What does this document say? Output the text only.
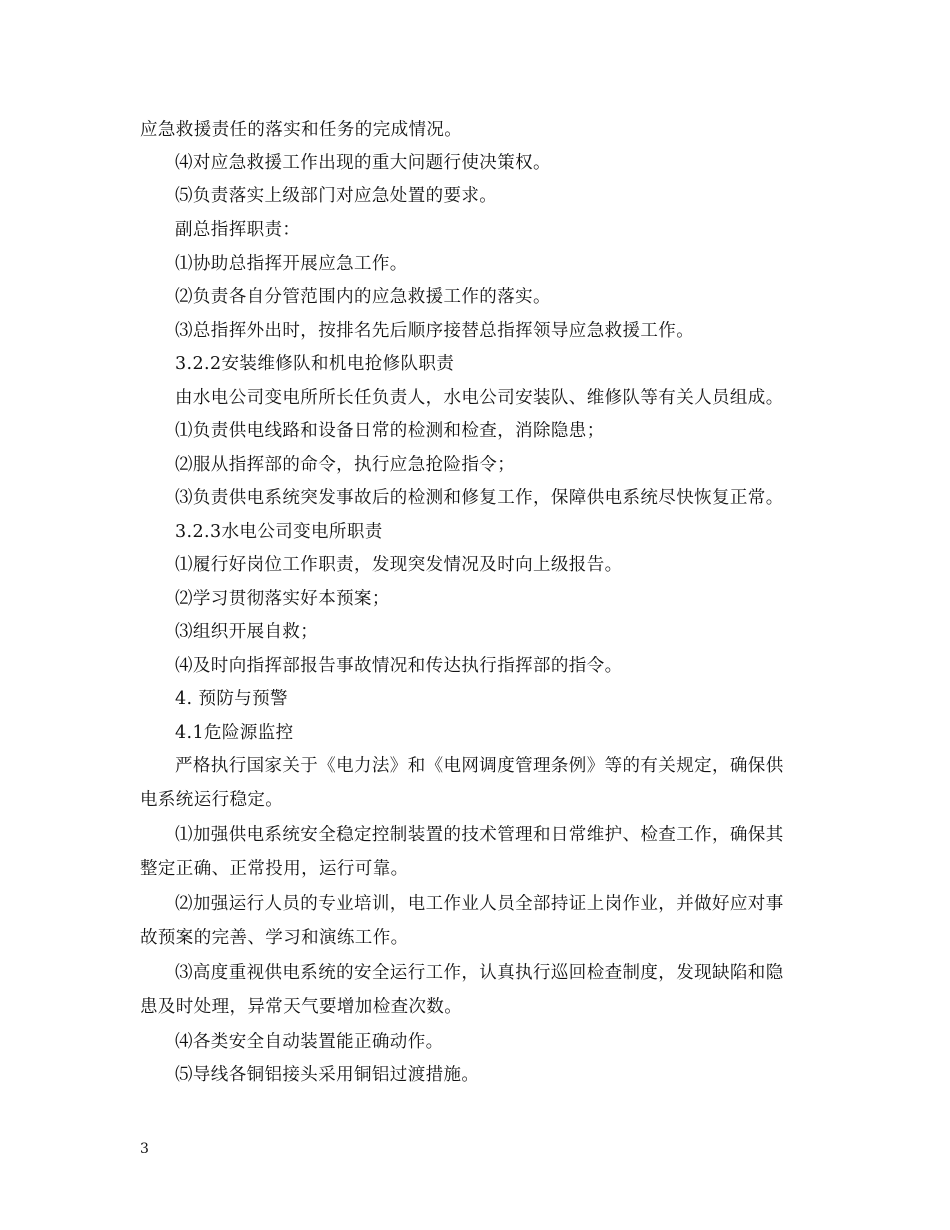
应急救援责任的落实和任务的完成情况。
⑷对应急救援工作出现的重大问题行使决策权。
⑸负责落实上级部门对应急处置的要求。
副总指挥职责：
⑴协助总指挥开展应急工作。
⑵负责各自分管范围内的应急救援工作的落实。
⑶总指挥外出时，按排名先后顺序接替总指挥领导应急救援工作。
3.2.2安装维修队和机电抢修队职责
由水电公司变电所所长任负责人，水电公司安装队、维修队等有关人员组成。
⑴负责供电线路和设备日常的检测和检查，消除隐患；
⑵服从指挥部的命令，执行应急抢险指令；
⑶负责供电系统突发事故后的检测和修复工作，保障供电系统尽快恢复正常。
3.2.3水电公司变电所职责
⑴履行好岗位工作职责，发现突发情况及时向上级报告。
⑵学习贯彻落实好本预案；
⑶组织开展自救；
⑷及时向指挥部报告事故情况和传达执行指挥部的指令。
4. 预防与预警
4.1危险源监控
严格执行国家关于《电力法》和《电网调度管理条例》等的有关规定，确保供
电系统运行稳定。
⑴加强供电系统安全稳定控制装置的技术管理和日常维护、检查工作，确保其
整定正确、正常投用，运行可靠。
⑵加强运行人员的专业培训，电工作业人员全部持证上岗作业，并做好应对事
故预案的完善、学习和演练工作。
⑶高度重视供电系统的安全运行工作，认真执行巡回检查制度，发现缺陷和隐
患及时处理，异常天气要增加检查次数。
⑷各类安全自动装置能正确动作。
⑸导线各铜铝接头采用铜铝过渡措施。
3
